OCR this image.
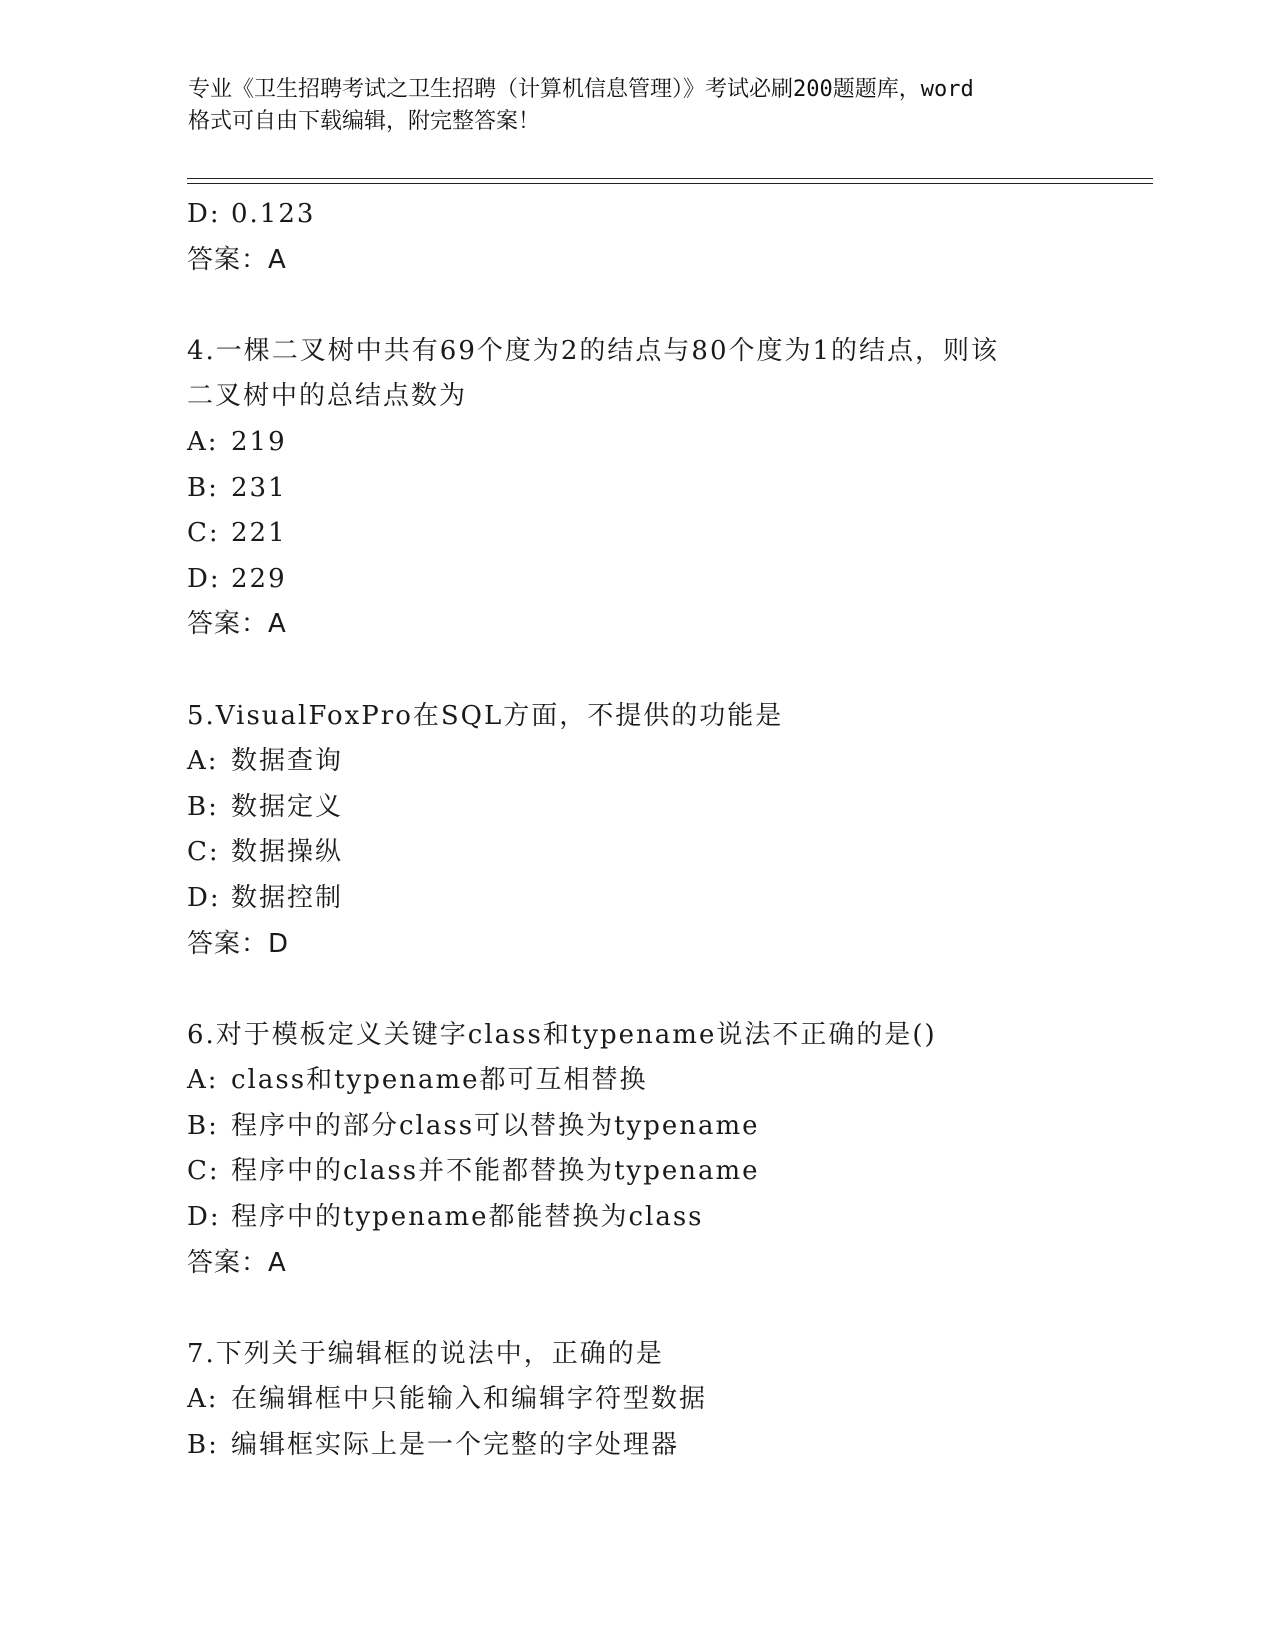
专业《卫生招聘考试之卫生招聘（计算机信息管理）》考试必刷200题题库，word
格式可自由下载编辑，附完整答案！
D: 0.123
答案：A
4.一棵二叉树中共有69个度为2的结点与80个度为1的结点，则该
二叉树中的总结点数为
A: 219
B: 231
C: 221
D: 229
答案：A
5.VisualFoxPro在SQL方面，不提供的功能是
A: 数据查询
B: 数据定义
C: 数据操纵
D: 数据控制
答案：D
6.对于模板定义关键字class和typename说法不正确的是()
A: class和typename都可互相替换
B: 程序中的部分class可以替换为typename
C: 程序中的class并不能都替换为typename
D: 程序中的typename都能替换为class
答案：A
7.下列关于编辑框的说法中，正确的是
A: 在编辑框中只能输入和编辑字符型数据
B: 编辑框实际上是一个完整的字处理器
